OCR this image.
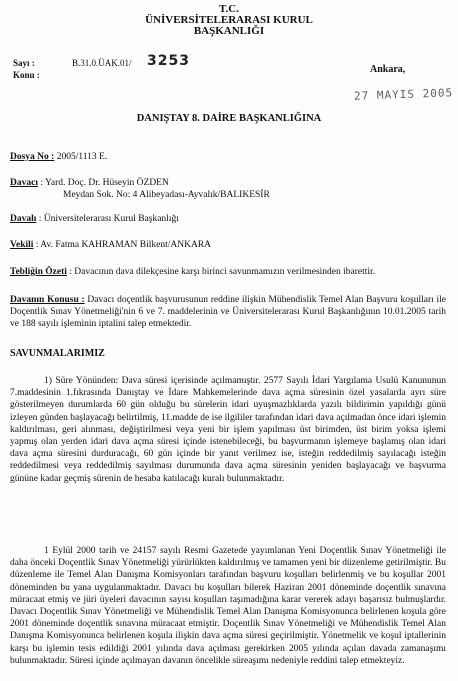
T.C.
ÜNİVERSİTELERARASI KURUL
BAŞKANLIĞI
Sayı :	B.31.0.ÜAK.01/ 3253
Konu :	Ankara,
27 MAYIS 2005
DANIŞTAY 8. DAİRE BAŞKANLIĞINA
Dosya No : 2005/1113 E.
Davacı : Yard. Doç. Dr. Hüseyin ÖZDEN
Meydan Sok. No: 4 Alibeyadası-Ayvalık/BALIKESİR
Davalı : Üniversitelerarası Kurul Başkanlığı
Vekili : Av. Fatma KAHRAMAN Bilkent/ANKARA
Tebliğin Özeti : Davacının dava dilekçesine karşı birinci savunmamızın verilmesinden ibarettir.
Davanın Konusu : Davacı doçentlik başvurusunun reddine ilişkin Mühendislik Temel Alan Başvuru koşulları ile Doçentlik Sınav Yönetmeliği'nin 6 ve 7. maddelerinin ve Üniversitelerarası Kurul Başkanlığının 10.01.2005 tarih ve 188 sayılı işleminin iptalini talep etmektedir.
SAVUNMALARIMIZ
1) Süre Yönünden: Dava süresi içerisinde açılmamıştır. 2577 Sayılı İdari Yargılama Usulü Kanununun 7.maddesinin 1.fıkrasında Danıştay ve İdare Mahkemelerinde dava açma süresinin özel yasalarda ayrı süre gösterilmeyen durumlarda 60 gün olduğu bu sürelerin idari uyuşmazlıklarda yazılı bildirimin yapıldığı günü izleyen günden başlayacağı belirtilmiş, 11.madde de ise ilgililer tarafından idari dava açılmadan önce idari işlemin kaldırılması, geri alınması, değiştirilmesi veya yeni bir işlem yapılması üst birimden, üst birim yoksa işlemi yapmış olan yerden idari dava açma süresi içinde istenebileceği, bu başvurmanın işlemeye başlamış olan idari dava açma süresini durduracağı, 60 gün içinde bir yanıt verilmez ise, isteğin reddedilmiş sayılacağı isteğin reddedilmesi veya reddedilmiş sayılması durumunda dava açma süresinin yeniden başlayacağı ve başvurma gününe kadar geçmiş sürenin de hesaba katılacağı kuralı bulunmaktadır.
1 Eylül 2000 tarih ve 24157 sayılı Resmi Gazetede yayımlanan Yeni Doçentlik Sınav Yönetmeliği ile daha önceki Doçentlik Sınav Yönetmeliği yürürlükten kaldırılmış ve tamamen yeni bir düzenleme getirilmiştir. Bu düzenleme ile Temel Alan Danışma Komisyonları tarafından başvuru koşulları belirlenmiş ve bu koşullar 2001 döneminden bu yana uygulanmaktadır. Davacı bu koşulları bilerek Haziran 2001 döneminde doçentlik sınavına müracaat etmiş ve jüri üyeleri davacının sayısı koşulları taşımadığına karar vererek adayı başarısız bulmuşlardır. Davacı Doçentlik Sınav Yönetmeliği ve Mühendislik Temel Alan Danışma Komisyonunca belirlenen koşula göre 2001 döneminde doçentlik sınavına müracaat etmiştir. Doçentlik Sınav Yönetmeliği ve Mühendislik Temel Alan Danışma Komisyonunca belirlenen koşula ilişkin dava açma süresi geçirilmiştir. Yönetmelik ve koşul iptallerinin karşı bu işlemin tesis edildiği 2001 yılında dava açılması gerekirken 2005 yılında açılan davada zamanaşımı bulunmaktadır. Süresi içinde açılmayan davanın öncelikle süreaşımı nedeniyle reddini talep etmekteyiz.
